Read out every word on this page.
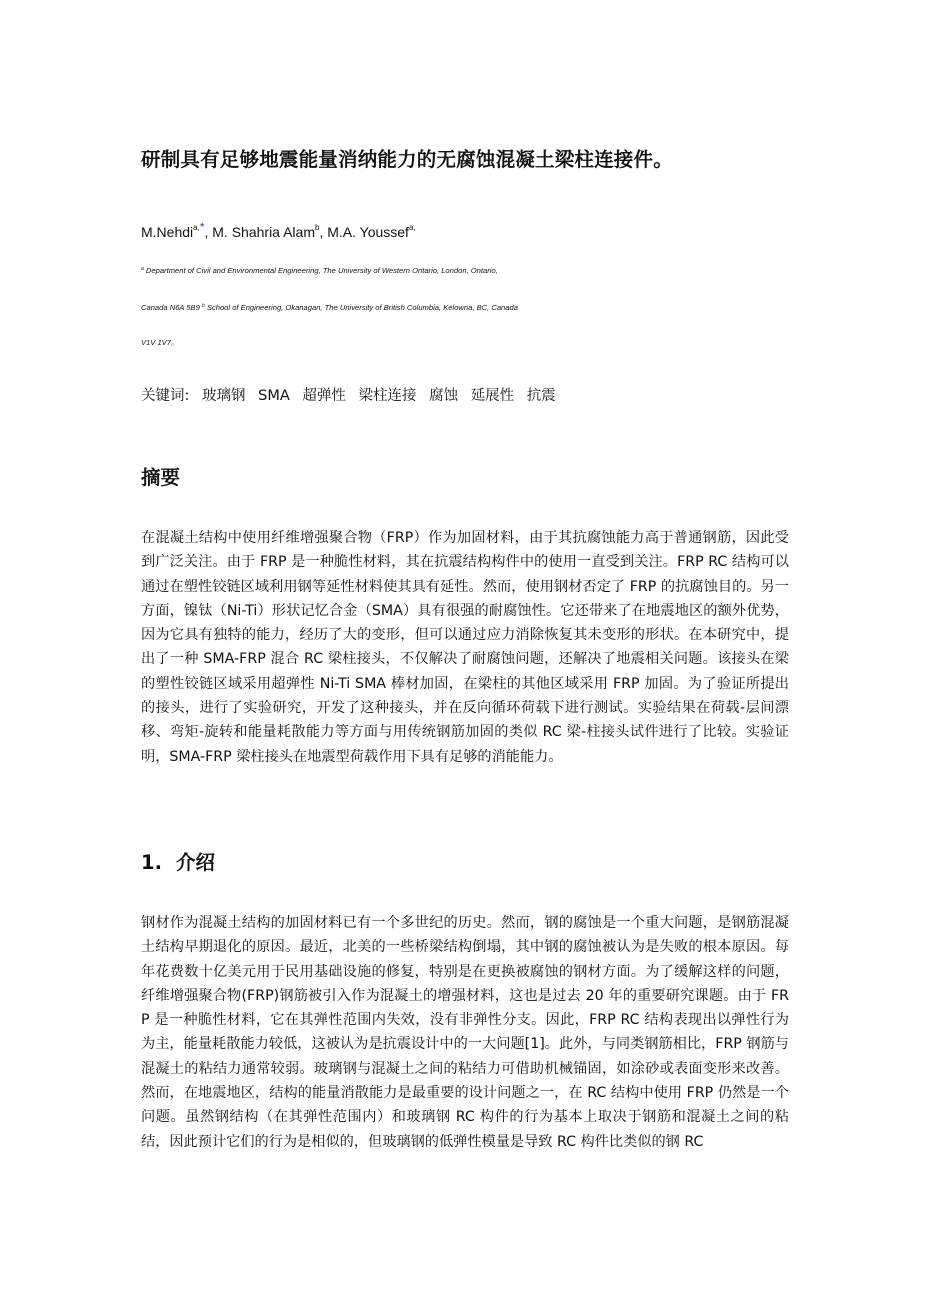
研制具有足够地震能量消纳能力的无腐蚀混凝土梁柱连接件。
M.Nehdi$^{a,*}$, M. Shahria Alam$^b$, M.A. Youssef$^{a,}$
$^a$ Department of Civil and Environmental Engineering, The University of Western Ontario, London, Ontario,
Canada N6A 5B9 $^b$ School of Engineering, Okanagan, The University of British Columbia, Kelowna, BC, Canada
V1V 1V7。
关键词: 玻璃钢 SMA 超弹性 梁柱连接 腐蚀 延展性 抗震
摘要

在混凝土结构中使用纤维增强聚合物（FRP）作为加固材料，由于其抗腐蚀能力高于普通钢筋，因此受到广泛关注。由于 FRP 是一种脆性材料，其在抗震结构构件中的使用一直受到关注。FRP RC 结构可以通过在塑性铰链区域利用钢等延性材料使其具有延性。然而，使用钢材否定了 FRP 的抗腐蚀目的。另一方面，镍钛（Ni-Ti）形状记忆合金（SMA）具有很强的耐腐蚀性。它还带来了在地震地区的额外优势，因为它具有独特的能力，经历了大的变形，但可以通过应力消除恢复其未变形的形状。在本研究中，提出了一种 SMA-FRP 混合 RC 梁柱接头，不仅解决了耐腐蚀问题，还解决了地震相关问题。该接头在梁的塑性铰链区域采用超弹性 Ni-Ti SMA 棒材加固，在梁柱的其他区域采用 FRP 加固。为了验证所提出的接头，进行了实验研究，开发了这种接头，并在反向循环荷载下进行测试。实验结果在荷载-层间漂移、弯矩-旋转和能量耗散能力等方面与用传统钢筋加固的类似 RC 梁-柱接头试件进行了比较。实验证明，SMA-FRP 梁柱接头在地震型荷载作用下具有足够的消能能力。

1. 介绍

钢材作为混凝土结构的加固材料已有一个多世纪的历史。然而，钢的腐蚀是一个重大问题，是钢筋混凝土结构早期退化的原因。最近，北美的一些桥梁结构倒塌，其中钢的腐蚀被认为是失败的根本原因。每年花费数十亿美元用于民用基础设施的修复，特别是在更换被腐蚀的钢材方面。为了缓解这样的问题，纤维增强聚合物(FRP)钢筋被引入作为混凝土的增强材料，这也是过去 20 年的重要研究课题。由于 FRP 是一种脆性材料，它在其弹性范围内失效，没有非弹性分支。因此，FRP RC 结构表现出以弹性行为为主，能量耗散能力较低，这被认为是抗震设计中的一大问题[1]。此外，与同类钢筋相比，FRP 钢筋与混凝土的粘结力通常较弱。玻璃钢与混凝土之间的粘结力可借助机械锚固，如涂砂或表面变形来改善。然而，在地震地区，结构的能量消散能力是最重要的设计问题之一，在 RC 结构中使用 FRP 仍然是一个问题。虽然钢结构（在其弹性范围内）和玻璃钢 RC 构件的行为基本上取决于钢筋和混凝土之间的粘结，因此预计它们的行为是相似的，但玻璃钢的低弹性模量是导致 RC 构件比类似的钢 RC
